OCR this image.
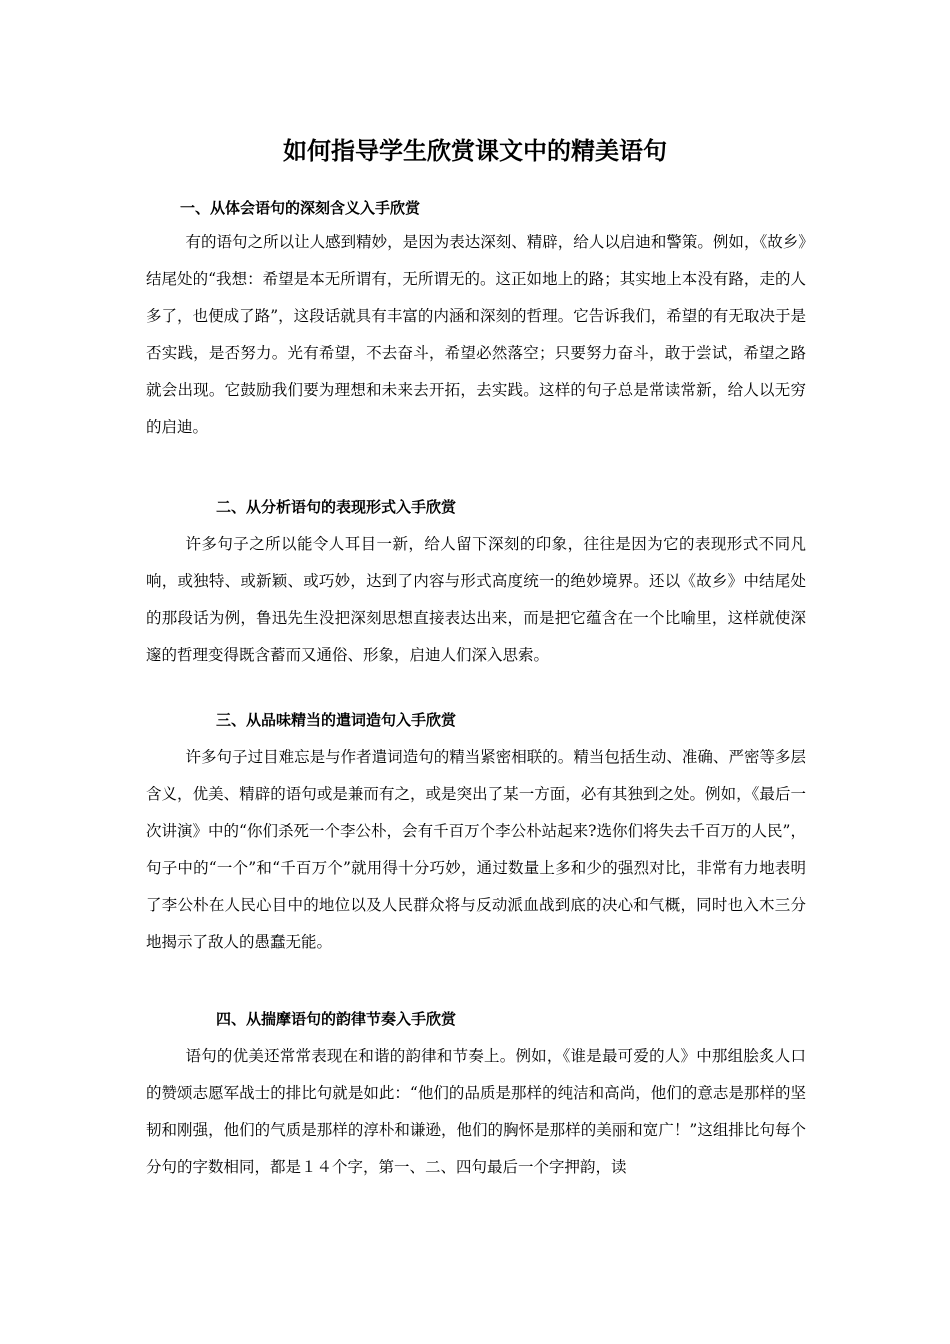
如何指导学生欣赏课文中的精美语句
一、从体会语句的深刻含义入手欣赏

有的语句之所以让人感到精妙，是因为表达深刻、精辟，给人以启迪和警策。例如，《故乡》结尾处的“我想：希望是本无所谓有，无所谓无的。这正如地上的路；其实地上本没有路，走的人多了，也便成了路”，这段话就具有丰富的内涵和深刻的哲理。它告诉我们，希望的有无取决于是否实践，是否努力。光有希望，不去奋斗，希望必然落空；只要努力奋斗，敢于尝试，希望之路就会出现。它鼓励我们要为理想和未来去开拓，去实践。这样的句子总是常读常新，给人以无穷的启迪。

二、从分析语句的表现形式入手欣赏

许多句子之所以能令人耳目一新，给人留下深刻的印象，往往是因为它的表现形式不同凡响，或独特、或新颖、或巧妙，达到了内容与形式高度统一的绝妙境界。还以《故乡》中结尾处的那段话为例，鲁迅先生没把深刻思想直接表达出来，而是把它蕴含在一个比喻里，这样就使深邃的哲理变得既含蓄而又通俗、形象，启迪人们深入思索。

三、从品味精当的遣词造句入手欣赏

许多句子过目难忘是与作者遣词造句的精当紧密相联的。精当包括生动、准确、严密等多层含义，优美、精辟的语句或是兼而有之，或是突出了某一方面，必有其独到之处。例如，《最后一次讲演》中的“你们杀死一个李公朴，会有千百万个李公朴站起来?选你们将失去千百万的人民”，句子中的“一个”和“千百万个”就用得十分巧妙，通过数量上多和少的强烈对比，非常有力地表明了李公朴在人民心目中的地位以及人民群众将与反动派血战到底的决心和气概，同时也入木三分地揭示了敌人的愚蠢无能。

四、从揣摩语句的韵律节奏入手欣赏

语句的优美还常常表现在和谐的韵律和节奏上。例如，《谁是最可爱的人》中那组脍炙人口的赞颂志愿军战士的排比句就是如此：“他们的品质是那样的纯洁和高尚，他们的意志是那样的坚韧和刚强，他们的气质是那样的淳朴和谦逊，他们的胸怀是那样的美丽和宽广！”这组排比句每个分句的字数相同，都是１４个字，第一、二、四句最后一个字押韵，读
